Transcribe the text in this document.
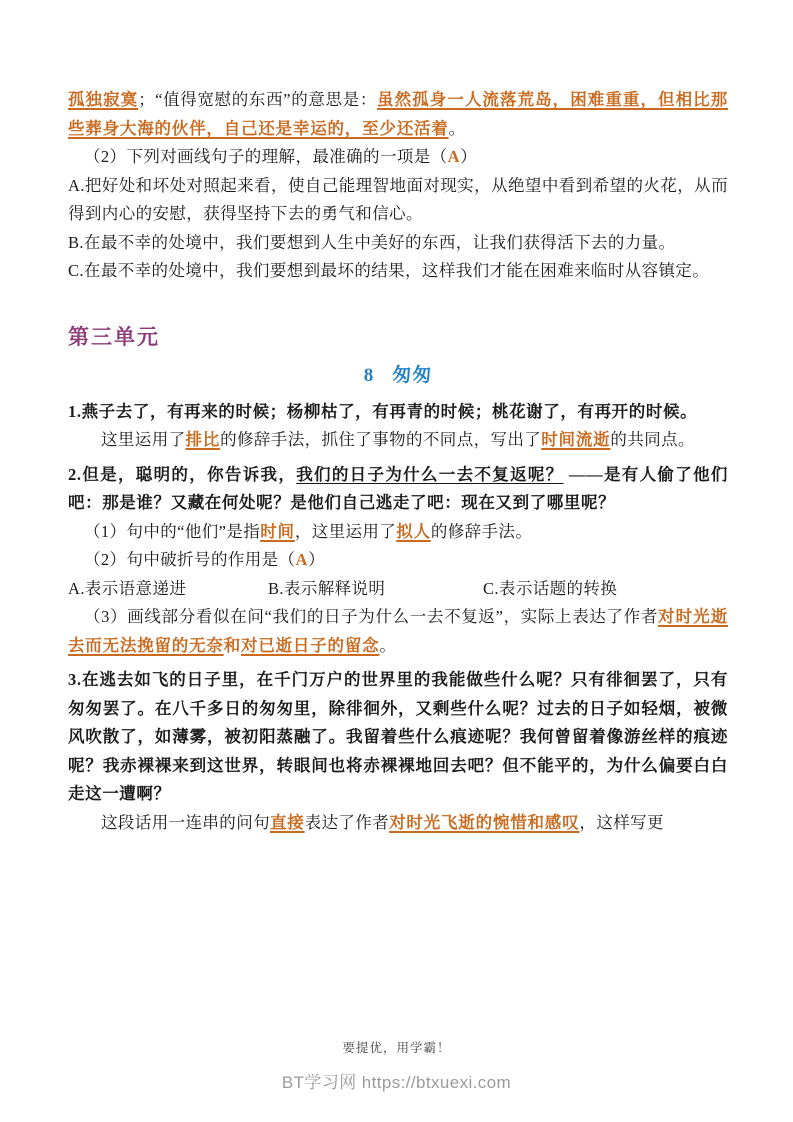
孤独寂寞；“值得宽慰的东西”的意思是：虽然孤身一人流落荒岛，困难重重，但相比那些葬身大海的伙伴，自己还是幸运的，至少还活着。

（2）下列对画线句子的理解，最准确的一项是（A）

A.把好处和坏处对照起来看，使自己能理智地面对现实，从绝望中看到希望的火花，从而得到内心的安慰，获得坚持下去的勇气和信心。

B.在最不幸的处境中，我们要想到人生中美好的东西，让我们获得活下去的力量。

C.在最不幸的处境中，我们要想到最坏的结果，这样我们才能在困难来临时从容镇定。

第三单元

8 匆匆

1.燕子去了，有再来的时候；杨柳枯了，有再青的时候；桃花谢了，有再开的时候。

这里运用了排比的修辞手法，抓住了事物的不同点，写出了时间流逝的共同点。

2.但是，聪明的，你告诉我，我们的日子为什么一去不复返呢？ ——是有人偷了他们吧：那是谁？又藏在何处呢？是他们自己逃走了吧：现在又到了哪里呢？

（1）句中的“他们”是指时间，这里运用了拟人的修辞手法。

（2）句中破折号的作用是（A）

A.表示语意递进	B.表示解释说明	C.表示话题的转换

（3）画线部分看似在问“我们的日子为什么一去不复返”，实际上表达了作者对时光逝去而无法挽留的无奈和对已逝日子的留念。

3.在逃去如飞的日子里，在千门万户的世界里的我能做些什么呢？只有徘徊罢了，只有匆匆罢了。在八千多日的匆匆里，除徘徊外，又剩些什么呢？过去的日子如轻烟，被微风吹散了，如薄雾，被初阳蒸融了。我留着些什么痕迹呢？我何曾留着像游丝样的痕迹呢？我赤裸裸来到这世界，转眼间也将赤裸裸地回去吧？但不能平的，为什么偏要白白走这一遭啊？

这段话用一连串的问句直接表达了作者对时光飞逝的惋惜和感叹，这样写更

要提优，用学霸！
BT学习网 https://btxuexi.com
